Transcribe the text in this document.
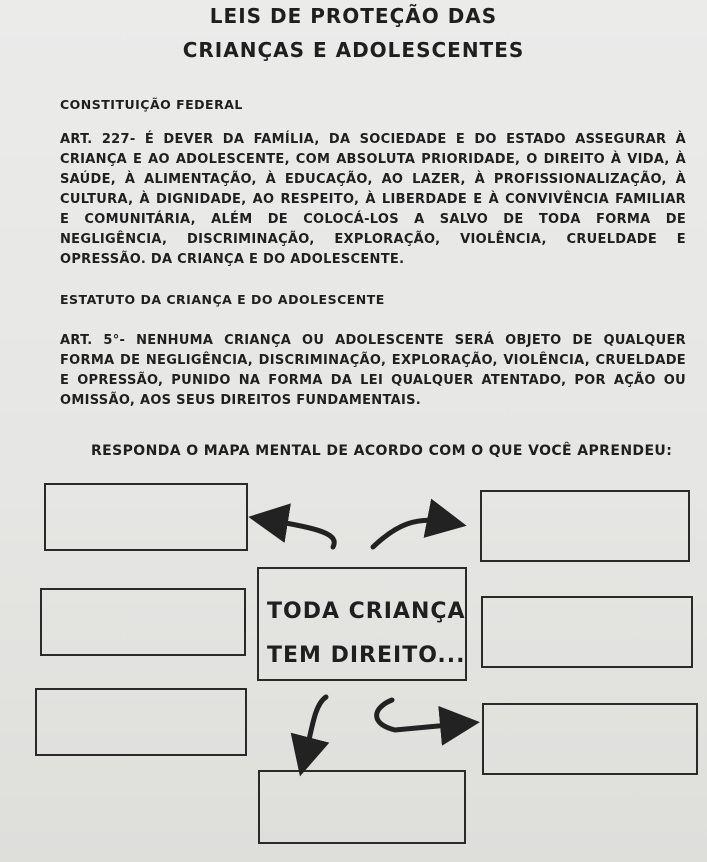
LEIS DE PROTEÇÃO DAS
CRIANÇAS E ADOLESCENTES
CONSTITUIÇÃO FEDERAL
ART. 227- É DEVER DA FAMÍLIA, DA SOCIEDADE E DO ESTADO ASSEGURAR À CRIANÇA E AO ADOLESCENTE, COM ABSOLUTA PRIORIDADE, O DIREITO À VIDA, À SAÚDE, À ALIMENTAÇÃO, À EDUCAÇÃO, AO LAZER, À PROFISSIONALIZAÇÃO, À CULTURA, À DIGNIDADE, AO RESPEITO, À LIBERDADE E À CONVIVÊNCIA FAMILIAR E COMUNITÁRIA, ALÉM DE COLOCÁ-LOS A SALVO DE TODA FORMA DE NEGLIGÊNCIA, DISCRIMINAÇÃO, EXPLORAÇÃO, VIOLÊNCIA, CRUELDADE E OPRESSÃO. DA CRIANÇA E DO ADOLESCENTE.
ESTATUTO DA CRIANÇA E DO ADOLESCENTE
ART. 5°- NENHUMA CRIANÇA OU ADOLESCENTE SERÁ OBJETO DE QUALQUER FORMA DE NEGLIGÊNCIA, DISCRIMINAÇÃO, EXPLORAÇÃO, VIOLÊNCIA, CRUELDADE E OPRESSÃO, PUNIDO NA FORMA DA LEI QUALQUER ATENTADO, POR AÇÃO OU OMISSÃO, AOS SEUS DIREITOS FUNDAMENTAIS.
RESPONDA O MAPA MENTAL DE ACORDO COM O QUE VOCÊ APRENDEU:
TODA CRIANÇA
TEM DIREITO...
